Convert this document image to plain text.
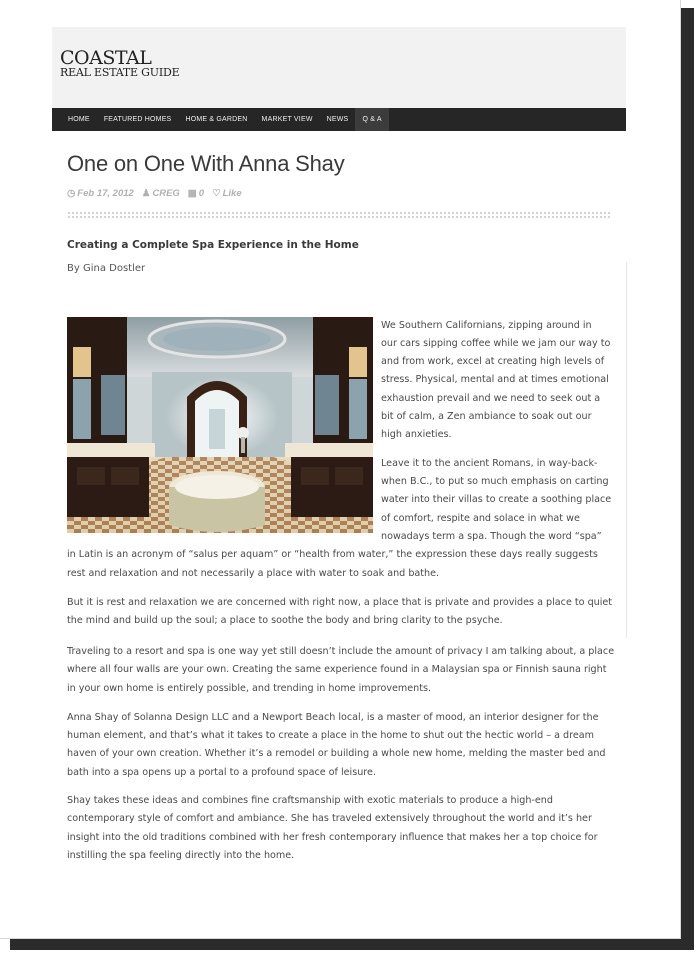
COASTAL
REAL ESTATE GUIDE
HOME	FEATURED HOMES	HOME & GARDEN	MARKET VIEW	NEWS	Q & A
One on One With Anna Shay
◷ Feb 17, 2012 ♟ CREG ▩ 0 ♡ Like
Creating a Complete Spa Experience in the Home
By Gina Dostler

We Southern Californians, zipping around in

our cars sipping coffee while we jam our way to

and from work, excel at creating high levels of

stress. Physical, mental and at times emotional

exhaustion prevail and we need to seek out a

bit of calm, a Zen ambiance to soak out our

high anxieties.

Leave it to the ancient Romans, in way-back-

when B.C., to put so much emphasis on carting

water into their villas to create a soothing place

of comfort, respite and solace in what we

nowadays term a spa. Though the word “spa”

in Latin is an acronym of “salus per aquam” or “health from water,” the expression these days really suggests

rest and relaxation and not necessarily a place with water to soak and bathe.

But it is rest and relaxation we are concerned with right now, a place that is private and provides a place to quiet

the mind and build up the soul; a place to soothe the body and bring clarity to the psyche.

Traveling to a resort and spa is one way yet still doesn’t include the amount of privacy I am talking about, a place

where all four walls are your own. Creating the same experience found in a Malaysian spa or Finnish sauna right

in your own home is entirely possible, and trending in home improvements.

Anna Shay of Solanna Design LLC and a Newport Beach local, is a master of mood, an interior designer for the

human element, and that’s what it takes to create a place in the home to shut out the hectic world – a dream

haven of your own creation. Whether it’s a remodel or building a whole new home, melding the master bed and

bath into a spa opens up a portal to a profound space of leisure.

Shay takes these ideas and combines fine craftsmanship with exotic materials to produce a high-end

contemporary style of comfort and ambiance. She has traveled extensively throughout the world and it’s her

insight into the old traditions combined with her fresh contemporary influence that makes her a top choice for

instilling the spa feeling directly into the home.
